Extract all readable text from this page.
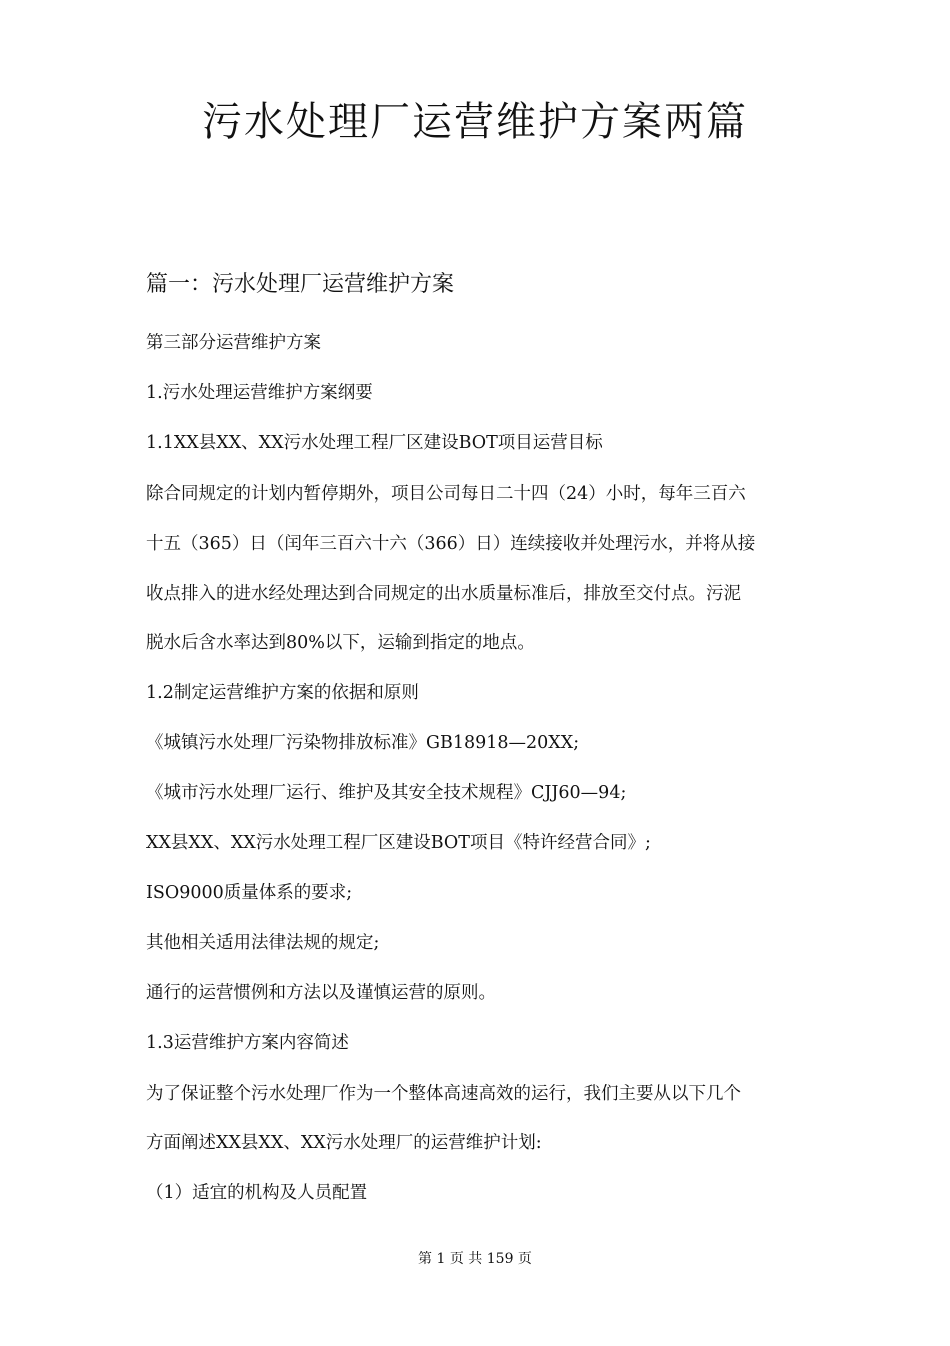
污水处理厂运营维护方案两篇
篇一：污水处理厂运营维护方案

第三部分运营维护方案

1.污水处理运营维护方案纲要

1.1XX县XX、XX污水处理工程厂区建设BOT项目运营目标

除合同规定的计划内暂停期外，项目公司每日二十四（24）小时，每年三百六

十五（365）日（闰年三百六十六（366）日）连续接收并处理污水，并将从接

收点排入的进水经处理达到合同规定的出水质量标准后，排放至交付点。污泥

脱水后含水率达到80%以下，运输到指定的地点。

1.2制定运营维护方案的依据和原则

《城镇污水处理厂污染物排放标准》GB18918—20XX;

《城市污水处理厂运行、维护及其安全技术规程》CJJ60—94;

XX县XX、XX污水处理工程厂区建设BOT项目《特许经营合同》;

ISO9000质量体系的要求;

其他相关适用法律法规的规定;

通行的运营惯例和方法以及谨慎运营的原则。

1.3运营维护方案内容简述

为了保证整个污水处理厂作为一个整体高速高效的运行，我们主要从以下几个

方面阐述XX县XX、XX污水处理厂的运营维护计划:

（1）适宜的机构及人员配置

第 1 页 共 159 页
